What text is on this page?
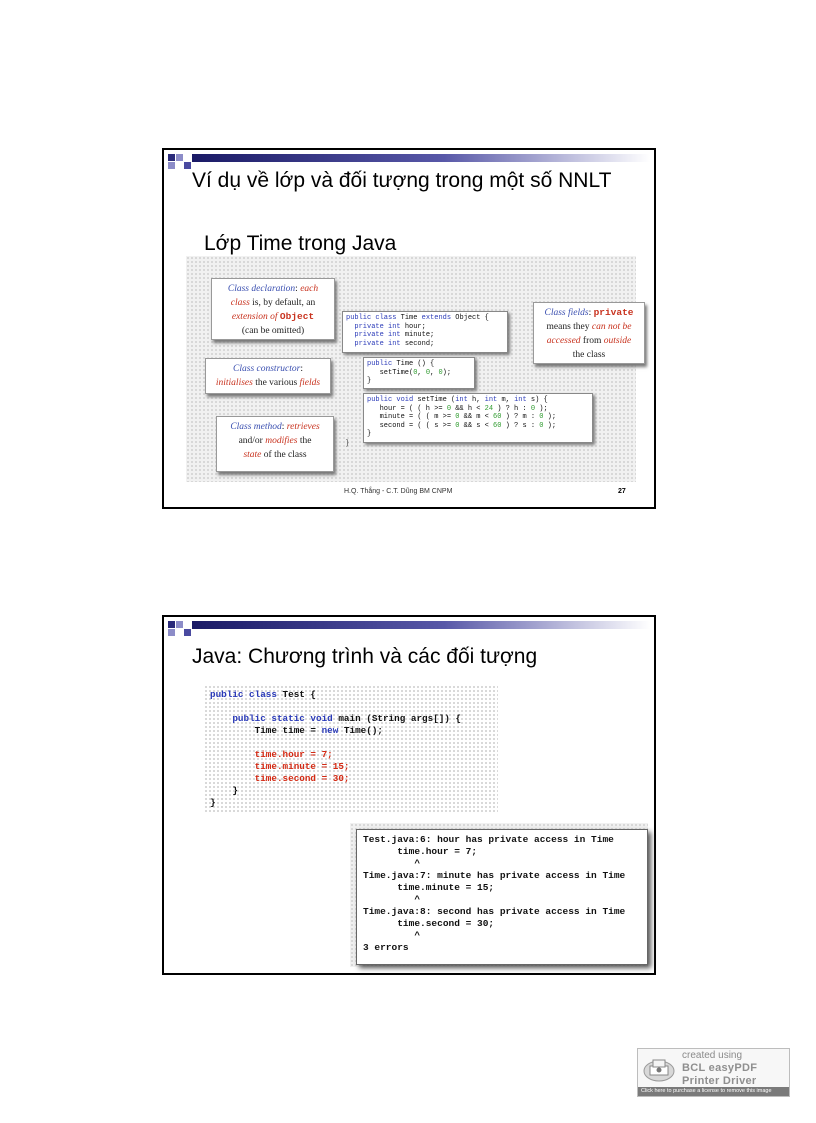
Ví dụ về lớp và đối tượng trong một số NNLT
Lớp Time trong Java
Class declaration: each
class is, by default, an
extension of Object
(can be omitted)
Class fields: private
means they can not be
accessed from outside
the class
Class constructor:
initialises the various fields
Class method: retrieves
and/or modifies the
state of the class
public class Time extends Object {
private int hour;
private int minute;
private int second;
public Time () {
setTime(0, 0, 0);
}
public void setTime (int h, int m, int s) {
hour = ( ( h >= 0 && h < 24 ) ? h : 0 );
minute = ( ( m >= 0 && m < 60 ) ? m : 0 );
second = ( ( s >= 0 && s < 60 ) ? s : 0 );
}
}
H.Q. Thắng - C.T. Dũng BM CNPM	27
Java: Chương trình và các đối tượng
public class Test {

public static void main (String args[]) {
Time time = new Time();

time.hour = 7;
time.minute = 15;
time.second = 30;
}
}
Test.java:6: hour has private access in Time
time.hour = 7;
^
Time.java:7: minute has private access in Time
time.minute = 15;
^
Time.java:8: second has private access in Time
time.second = 30;
^
3 errors
created using
BCL easyPDF
Printer Driver
Click here to purchase a license to remove this image
